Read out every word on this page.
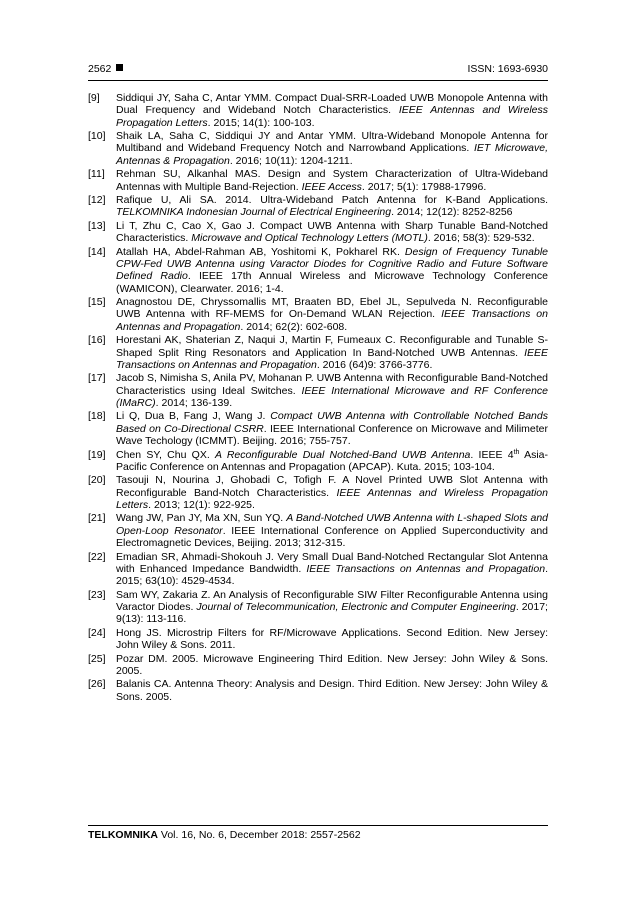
2562	ISSN: 1693-6930
[9] Siddiqui JY, Saha C, Antar YMM. Compact Dual-SRR-Loaded UWB Monopole Antenna with Dual Frequency and Wideband Notch Characteristics. IEEE Antennas and Wireless Propagation Letters. 2015; 14(1): 100-103.
[10] Shaik LA, Saha C, Siddiqui JY and Antar YMM. Ultra-Wideband Monopole Antenna for Multiband and Wideband Frequency Notch and Narrowband Applications. IET Microwave, Antennas & Propagation. 2016; 10(11): 1204-1211.
[11] Rehman SU, Alkanhal MAS. Design and System Characterization of Ultra-Wideband Antennas with Multiple Band-Rejection. IEEE Access. 2017; 5(1): 17988-17996.
[12] Rafique U, Ali SA. 2014. Ultra-Wideband Patch Antenna for K-Band Applications. TELKOMNIKA Indonesian Journal of Electrical Engineering. 2014; 12(12): 8252-8256
[13] Li T, Zhu C, Cao X, Gao J. Compact UWB Antenna with Sharp Tunable Band-Notched Characteristics. Microwave and Optical Technology Letters (MOTL). 2016; 58(3): 529-532.
[14] Atallah HA, Abdel-Rahman AB, Yoshitomi K, Pokharel RK. Design of Frequency Tunable CPW-Fed UWB Antenna using Varactor Diodes for Cognitive Radio and Future Software Defined Radio. IEEE 17th Annual Wireless and Microwave Technology Conference (WAMICON), Clearwater. 2016; 1-4.
[15] Anagnostou DE, Chryssomallis MT, Braaten BD, Ebel JL, Sepulveda N. Reconfigurable UWB Antenna with RF-MEMS for On-Demand WLAN Rejection. IEEE Transactions on Antennas and Propagation. 2014; 62(2): 602-608.
[16] Horestani AK, Shaterian Z, Naqui J, Martin F, Fumeaux C. Reconfigurable and Tunable S-Shaped Split Ring Resonators and Application In Band-Notched UWB Antennas. IEEE Transactions on Antennas and Propagation. 2016 (64)9: 3766-3776.
[17] Jacob S, Nimisha S, Anila PV, Mohanan P. UWB Antenna with Reconfigurable Band-Notched Characteristics using Ideal Switches. IEEE International Microwave and RF Conference (IMaRC). 2014; 136-139.
[18] Li Q, Dua B, Fang J, Wang J. Compact UWB Antenna with Controllable Notched Bands Based on Co-Directional CSRR. IEEE International Conference on Microwave and Milimeter Wave Techology (ICMMT). Beijing. 2016; 755-757.
[19] Chen SY, Chu QX. A Reconfigurable Dual Notched-Band UWB Antenna. IEEE 4th Asia-Pacific Conference on Antennas and Propagation (APCAP). Kuta. 2015; 103-104.
[20] Tasouji N, Nourina J, Ghobadi C, Tofigh F. A Novel Printed UWB Slot Antenna with Reconfigurable Band-Notch Characteristics. IEEE Antennas and Wireless Propagation Letters. 2013; 12(1): 922-925.
[21] Wang JW, Pan JY, Ma XN, Sun YQ. A Band-Notched UWB Antenna with L-shaped Slots and Open-Loop Resonator. IEEE International Conference on Applied Superconductivity and Electromagnetic Devices, Beijing. 2013; 312-315.
[22] Emadian SR, Ahmadi-Shokouh J. Very Small Dual Band-Notched Rectangular Slot Antenna with Enhanced Impedance Bandwidth. IEEE Transactions on Antennas and Propagation. 2015; 63(10): 4529-4534.
[23] Sam WY, Zakaria Z. An Analysis of Reconfigurable SIW Filter Reconfigurable Antenna using Varactor Diodes. Journal of Telecommunication, Electronic and Computer Engineering. 2017; 9(13): 113-116.
[24] Hong JS. Microstrip Filters for RF/Microwave Applications. Second Edition. New Jersey: John Wiley & Sons. 2011.
[25] Pozar DM. 2005. Microwave Engineering Third Edition. New Jersey: John Wiley & Sons. 2005.
[26] Balanis CA. Antenna Theory: Analysis and Design. Third Edition. New Jersey: John Wiley & Sons. 2005.
TELKOMNIKA Vol. 16, No. 6, December 2018: 2557-2562
